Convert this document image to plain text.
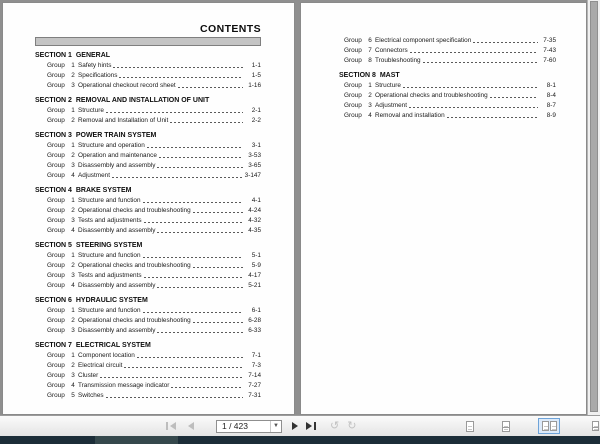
CONTENTS
SECTION 1  GENERAL
Group	1 Safety hints	1-1
Group	2 Specifications	1-5
Group	3 Operational checkout record sheet	1-16
SECTION 2  REMOVAL AND INSTALLATION OF UNIT
Group	1 Structure	2-1
Group	2 Removal and Installation of Unit	2-2
SECTION 3  POWER TRAIN SYSTEM
Group	1 Structure and operation	3-1
Group	2 Operation and maintenance	3-53
Group	3 Disassembly and assembly	3-65
Group	4 Adjustment	3-147
SECTION 4  BRAKE SYSTEM
Group	1 Structure and function	4-1
Group	2 Operational checks and troubleshooting	4-24
Group	3 Tests and adjustments	4-32
Group	4 Disassembly and assembly	4-35
SECTION 5  STEERING SYSTEM
Group	1 Structure and function	5-1
Group	2 Operational checks and troubleshooting	5-9
Group	3 Tests and adjustments	4-17
Group	4 Disassembly and assembly	5-21
SECTION 6  HYDRAULIC SYSTEM
Group	1 Structure and function	6-1
Group	2 Operational checks and troubleshooting	6-28
Group	3 Disassembly and assembly	6-33
SECTION 7  ELECTRICAL SYSTEM
Group	1 Component location	7-1
Group	2 Electrical circuit	7-3
Group	3 Cluster	7-14
Group	4 Transmission message indicator	7-27
Group	5 Switches	7-31
Group	6 Electrical component specification	7-35
Group	7 Connectors	7-43
Group	8 Troubleshooting	7-60
SECTION 8  MAST
Group	1 Structure	8-1
Group	2 Operational checks and troubleshooting	8-4
Group	3 Adjustment	8-7
Group	4 Removal and installation	8-9
1 / 423	▼	↺ ↻
